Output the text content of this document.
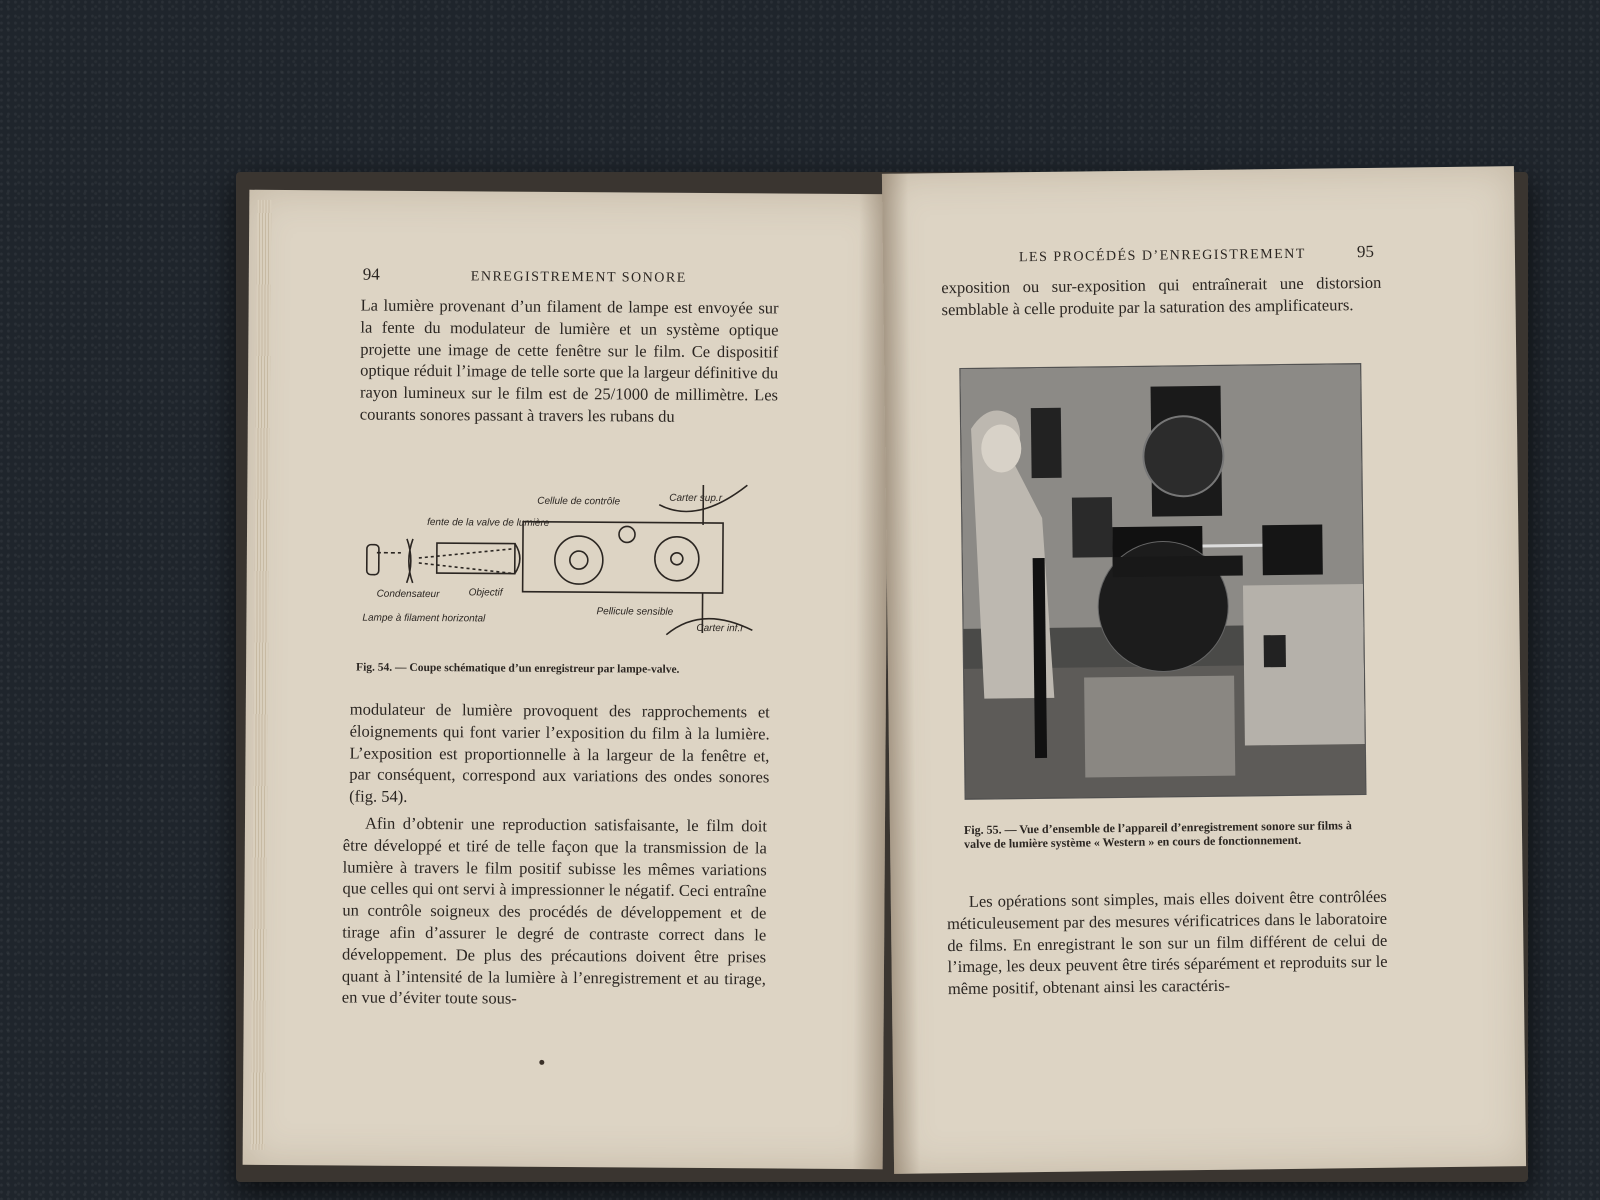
94	ENREGISTREMENT SONORE

La lumière provenant d’un filament de lampe est envoyée sur la fente du modulateur de lumière et un système optique projette une image de cette fenêtre sur le film. Ce dispositif optique réduit l’image de telle sorte que la largeur définitive du rayon lumineux sur le film est de 25/1000 de millimètre. Les courants sonores passant à travers les rubans du

Carter sup.r
Cellule de contrôle
fente de la valve de lumière
Condensateur	Objectif
Lampe à filament horizontal
Pellicule sensible
Carter inf.r

Fig. 54. — Coupe schématique d’un enregistreur par lampe-valve.

modulateur de lumière provoquent des rapprochements et éloignements qui font varier l’exposition du film à la lumière. L’exposition est proportionnelle à la largeur de la fenêtre et, par conséquent, correspond aux variations des ondes sonores (fig. 54).

Afin d’obtenir une reproduction satisfaisante, le film doit être développé et tiré de telle façon que la transmission de la lumière à travers le film positif subisse les mêmes variations que celles qui ont servi à impressionner le négatif. Ceci entraîne un contrôle soigneux des procédés de développement et de tirage afin d’assurer le degré de contraste correct dans le développement. De plus des précautions doivent être prises quant à l’intensité de la lumière à l’enregistrement et au tirage, en vue d’éviter toute sous-

LES PROCÉDÉS D’ENREGISTREMENT	95

exposition ou sur-exposition qui entraînerait une distorsion semblable à celle produite par la saturation des amplificateurs.

Fig. 55. — Vue d’ensemble de l’appareil d’enregistrement sonore sur films à valve de lumière système « Western » en cours de fonctionnement.

Les opérations sont simples, mais elles doivent être contrôlées méticuleusement par des mesures vérificatrices dans le laboratoire de films. En enregistrant le son sur un film différent de celui de l’image, les deux peuvent être tirés séparément et reproduits sur le même positif, obtenant ainsi les caractéris-
